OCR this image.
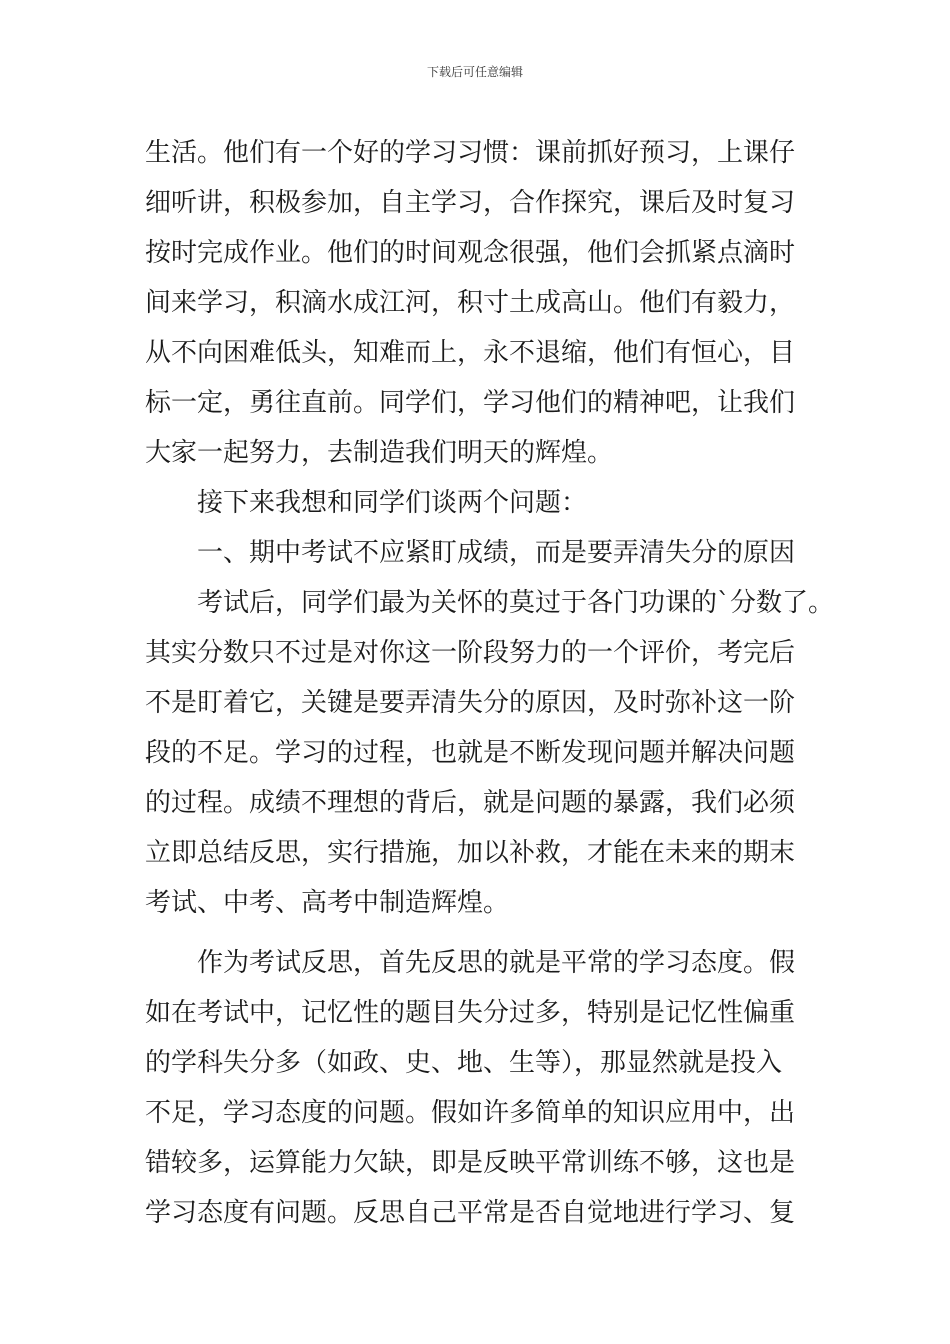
下载后可任意编辑
生活。他们有一个好的学习习惯：课前抓好预习，上课仔
细听讲，积极参加，自主学习，合作探究，课后及时复习
按时完成作业。他们的时间观念很强，他们会抓紧点滴时
间来学习，积滴水成江河，积寸土成高山。他们有毅力，
从不向困难低头，知难而上，永不退缩，他们有恒心，目
标一定，勇往直前。同学们，学习他们的精神吧，让我们
大家一起努力，去制造我们明天的辉煌。
接下来我想和同学们谈两个问题：
一、期中考试不应紧盯成绩，而是要弄清失分的原因
考试后，同学们最为关怀的莫过于各门功课的`分数了。
其实分数只不过是对你这一阶段努力的一个评价，考完后
不是盯着它，关键是要弄清失分的原因，及时弥补这一阶
段的不足。学习的过程，也就是不断发现问题并解决问题
的过程。成绩不理想的背后，就是问题的暴露，我们必须
立即总结反思，实行措施，加以补救，才能在未来的期末
考试、中考、高考中制造辉煌。
作为考试反思，首先反思的就是平常的学习态度。假
如在考试中，记忆性的题目失分过多，特别是记忆性偏重
的学科失分多（如政、史、地、生等），那显然就是投入
不足，学习态度的问题。假如许多简单的知识应用中，出
错较多，运算能力欠缺，即是反映平常训练不够，这也是
学习态度有问题。反思自己平常是否自觉地进行学习、复
